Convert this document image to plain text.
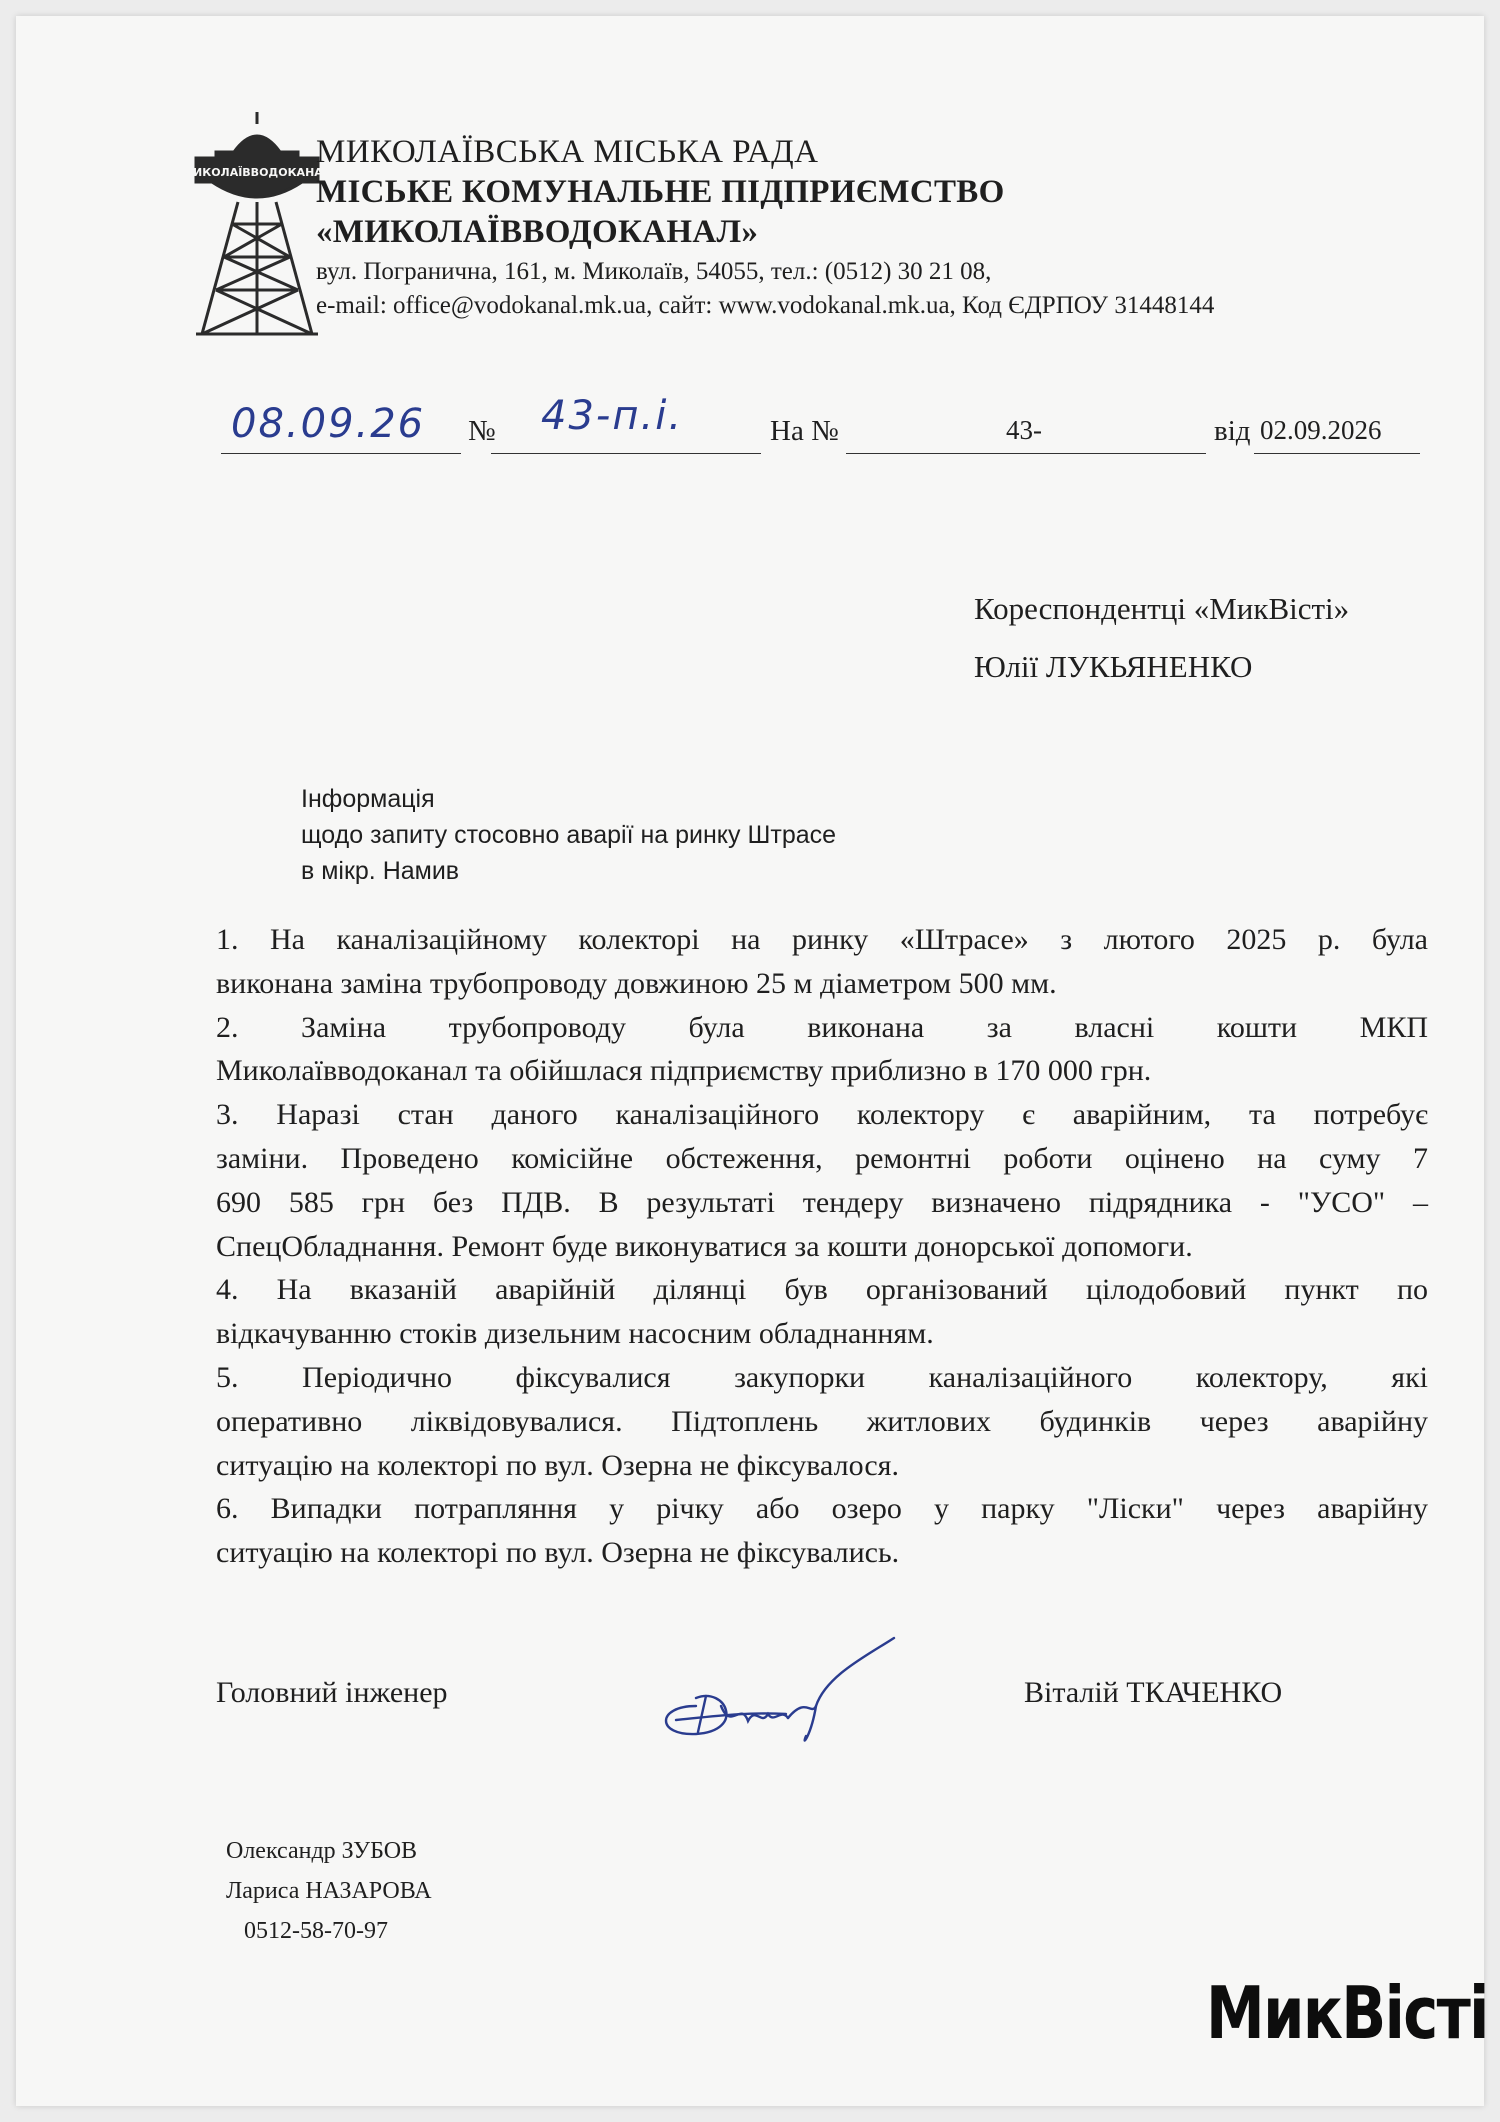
МИКОЛАЇВВОДОКАНАЛ
МИКОЛАЇВСЬКА МІСЬКА РАДА
МІСЬКЕ КОМУНАЛЬНЕ ПІДПРИЄМСТВО
«МИКОЛАЇВВОДОКАНАЛ»
вул. Погранична, 161, м. Миколаїв, 54055, тел.: (0512) 30 21 08,
e-mail: office@vodokanal.mk.ua, сайт: www.vodokanal.mk.ua, Код ЄДРПОУ 31448144
08.09.26 № 43-п.і.	На №	43-	від 02.09.2026
Кореспондентці «МикВісті»
Юлії ЛУКЬЯНЕНКО
Інформація
щодо запиту стосовно аварії на ринку Штрасе
в мікр. Намив
1. На каналізаційному колекторі на ринку «Штрасе» з лютого 2025 р. була
виконана заміна трубопроводу довжиною 25 м діаметром 500 мм.
2. Заміна трубопроводу була виконана за власні кошти МКП
Миколаївводоканал та обійшлася підприємству приблизно в 170 000 грн.
3. Наразі стан даного каналізаційного колектору є аварійним, та потребує
заміни. Проведено комісійне обстеження, ремонтні роботи оцінено на суму 7
690 585 грн без ПДВ. В результаті тендеру визначено підрядника - "УСО" –
СпецОбладнання. Ремонт буде виконуватися за кошти донорської допомоги.
4. На вказаній аварійній ділянці був організований цілодобовий пункт по
відкачуванню стоків дизельним насосним обладнанням.
5. Періодично фіксувалися закупорки каналізаційного колектору, які
оперативно ліквідовувалися. Підтоплень житлових будинків через аварійну
ситуацію на колекторі по вул. Озерна не фіксувалося.
6. Випадки потрапляння у річку або озеро у парку "Ліски" через аварійну
ситуацію на колекторі по вул. Озерна не фіксувались.
Головний інженер	Віталій ТКАЧЕНКО
Олександр ЗУБОВ
Лариса НАЗАРОВА
0512-58-70-97
МикВісті
